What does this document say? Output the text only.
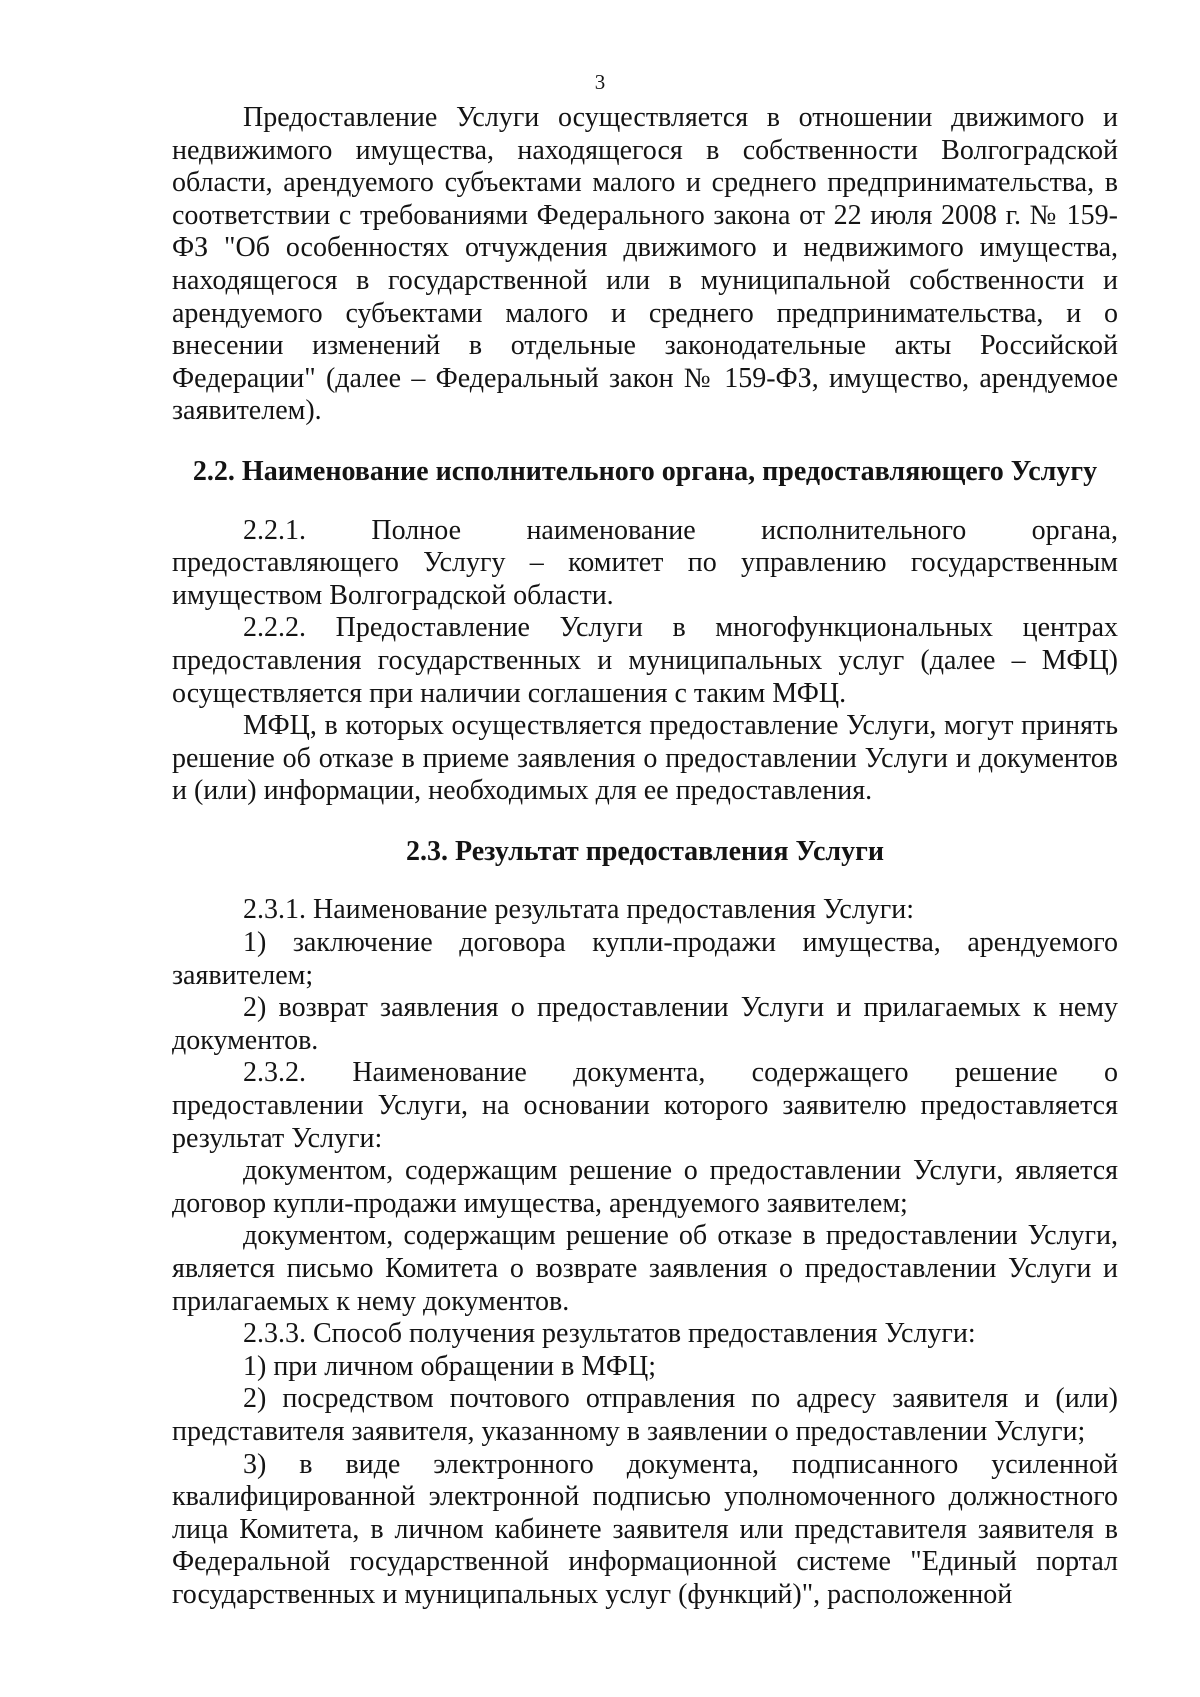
3

Предоставление Услуги осуществляется в отношении движимого и недвижимого имущества, находящегося в собственности Волгоградской области, арендуемого субъектами малого и среднего предпринимательства, в соответствии с требованиями Федерального закона от 22 июля 2008 г. № 159-ФЗ "Об особенностях отчуждения движимого и недвижимого имущества, находящегося в государственной или в муниципальной собственности и арендуемого субъектами малого и среднего предпринимательства, и о внесении изменений в отдельные законодательные акты Российской Федерации" (далее – Федеральный закон № 159-ФЗ, имущество, арендуемое заявителем).

2.2. Наименование исполнительного органа, предоставляющего Услугу

2.2.1. Полное наименование исполнительного органа, предоставляющего Услугу – комитет по управлению государственным имуществом Волгоградской области.

2.2.2. Предоставление Услуги в многофункциональных центрах предоставления государственных и муниципальных услуг (далее – МФЦ) осуществляется при наличии соглашения с таким МФЦ.

МФЦ, в которых осуществляется предоставление Услуги, могут принять решение об отказе в приеме заявления о предоставлении Услуги и документов и (или) информации, необходимых для ее предоставления.

2.3. Результат предоставления Услуги

2.3.1. Наименование результата предоставления Услуги:

1) заключение договора купли-продажи имущества, арендуемого заявителем;

2) возврат заявления о предоставлении Услуги и прилагаемых к нему документов.

2.3.2. Наименование документа, содержащего решение о предоставлении Услуги, на основании которого заявителю предоставляется результат Услуги:

документом, содержащим решение о предоставлении Услуги, является договор купли-продажи имущества, арендуемого заявителем;

документом, содержащим решение об отказе в предоставлении Услуги, является письмо Комитета о возврате заявления о предоставлении Услуги и прилагаемых к нему документов.

2.3.3. Способ получения результатов предоставления Услуги:

1) при личном обращении в МФЦ;

2) посредством почтового отправления по адресу заявителя и (или) представителя заявителя, указанному в заявлении о предоставлении Услуги;

3) в виде электронного документа, подписанного усиленной квалифицированной электронной подписью уполномоченного должностного лица Комитета, в личном кабинете заявителя или представителя заявителя в Федеральной государственной информационной системе "Единый портал государственных и муниципальных услуг (функций)", расположенной
